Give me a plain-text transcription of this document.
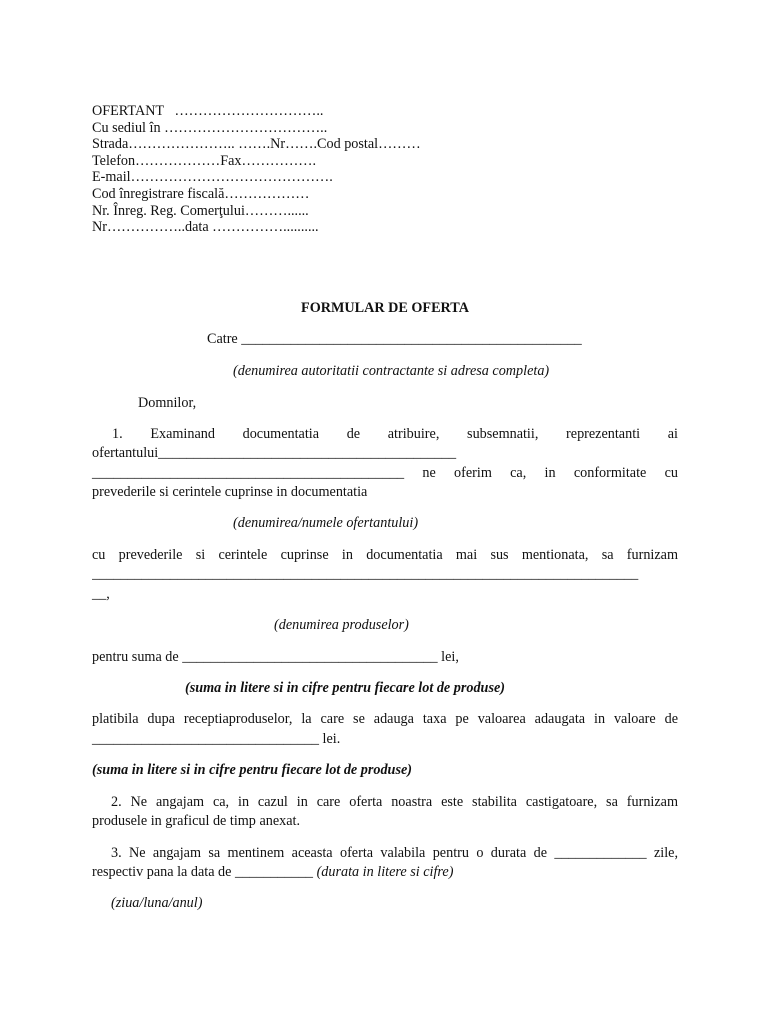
OFERTANT   …………………………..
Cu sediul în ……………………………..
Strada………………….. …….Nr…….Cod postal………
Telefon………………Fax…………….
E-mail…………………………………….
Cod înregistrare fiscală………………
Nr. Înreg. Reg. Comerţului………......
Nr……………..data ……………..........
FORMULAR DE OFERTA
Catre ________________________________________________
(denumirea autoritatii contractante si adresa completa)
Domnilor,
1.  Examinand  documentatia  de  atribuire,  subsemnatii,  reprezentanti  ai
ofertantului__________________________________________
____________________________________________  ne  oferim  ca,  in  conformitate  cu
prevederile si cerintele cuprinse in documentatia
(denumirea/numele ofertantului)
cu  prevederile  si  cerintele  cuprinse  in  documentatia  mai  sus  mentionata,  sa  furnizam
_____________________________________________________________________________
__,
(denumirea produselor)
pentru suma de ____________________________________ lei,
(suma in litere si in cifre pentru fiecare lot de produse)
platibila dupa receptiaproduselor, la care se adauga taxa pe valoarea adaugata in valoare de
________________________________ lei.
(suma in litere si in cifre pentru fiecare lot de produse)
2. Ne angajam ca, in cazul in care oferta noastra este stabilita castigatoare, sa furnizam
produsele in graficul de timp anexat.
3. Ne angajam sa mentinem aceasta oferta valabila pentru o durata de _____________ zile,
respectiv pana la data de ___________ (durata in litere si cifre)
(ziua/luna/anul)
